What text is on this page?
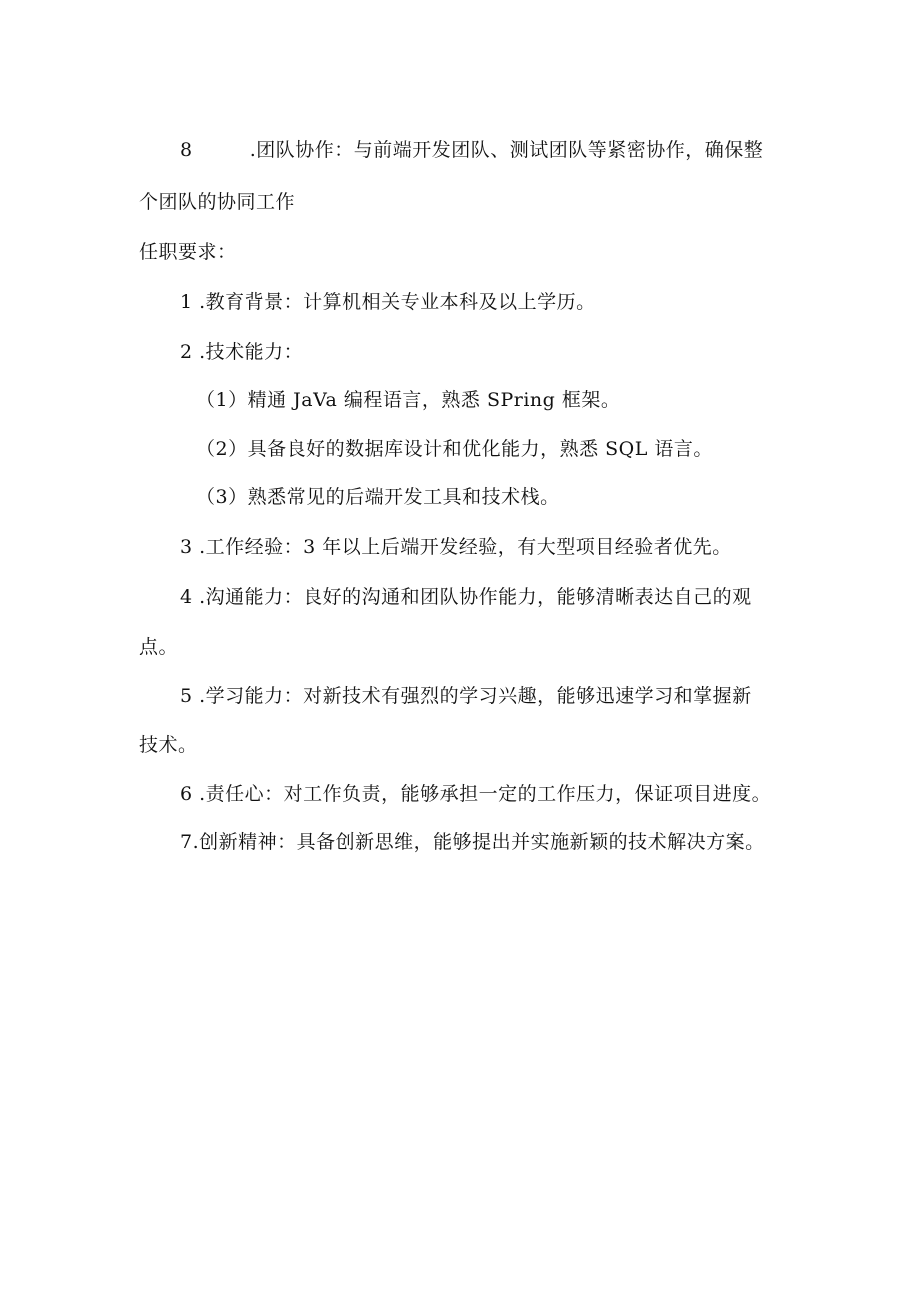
8	.团队协作：与前端开发团队、测试团队等紧密协作，确保整
个团队的协同工作
任职要求：
1 .教育背景：计算机相关专业本科及以上学历。
2 .技术能力：
（1）精通 JaVa 编程语言，熟悉 SPring 框架。
（2）具备良好的数据库设计和优化能力，熟悉 SQL 语言。
（3）熟悉常见的后端开发工具和技术栈。
3 .工作经验：3 年以上后端开发经验，有大型项目经验者优先。
4 .沟通能力：良好的沟通和团队协作能力，能够清晰表达自己的观
点。
5 .学习能力：对新技术有强烈的学习兴趣，能够迅速学习和掌握新
技术。
6 .责任心：对工作负责，能够承担一定的工作压力，保证项目进度。
7.创新精神：具备创新思维，能够提出并实施新颖的技术解决方案。
